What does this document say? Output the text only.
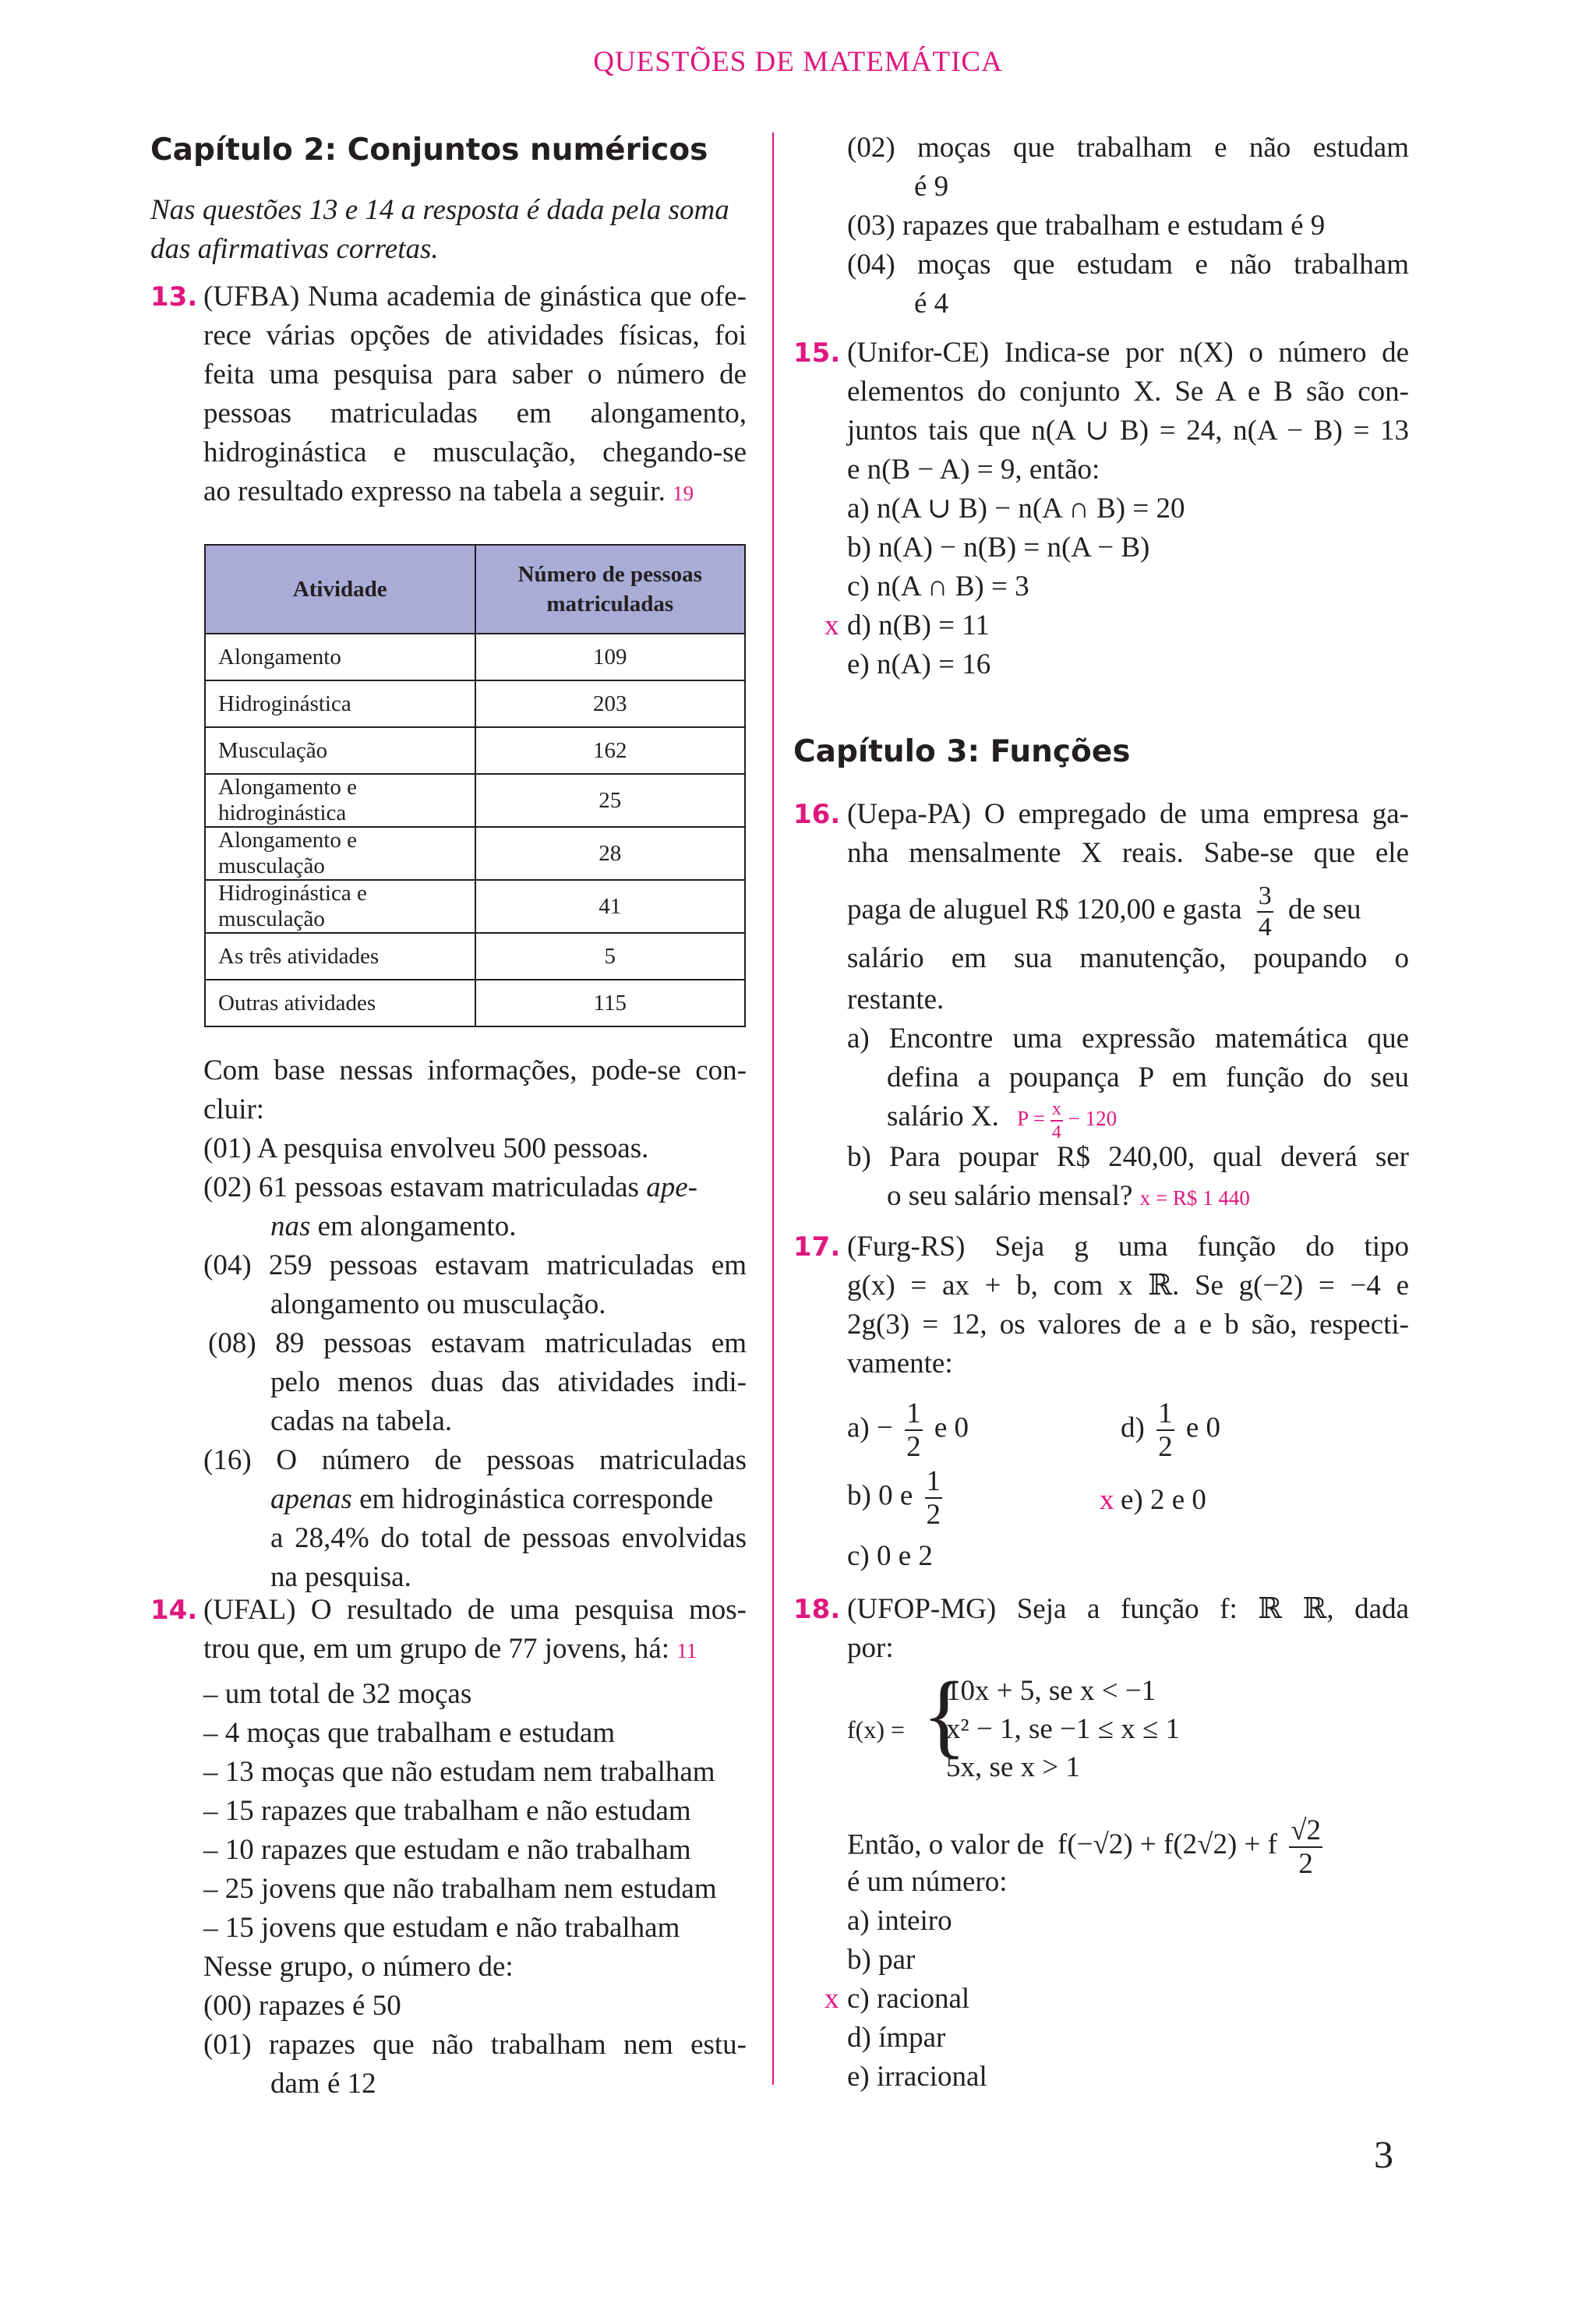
QUESTÕES DE MATEMÁTICA
Capítulo 2: Conjuntos numéricos
Nas questões 13 e 14 a resposta é dada pela soma
das afirmativas corretas.
13. (UFBA) Numa academia de ginástica que ofe-
rece várias opções de atividades físicas, foi
feita uma pesquisa para saber o número de
pessoas matriculadas em alongamento,
hidroginástica e musculação, chegando-se
ao resultado expresso na tabela a seguir. 19
Atividade	Número de pessoas matriculadas
Alongamento	109
Hidroginástica	203
Musculação	162
Alongamento e hidroginástica	25
Alongamento e musculação	28
Hidroginástica e musculação	41
As três atividades	5
Outras atividades	115
Com base nessas informações, pode-se con-
cluir:
(01) A pesquisa envolveu 500 pessoas.
(02) 61 pessoas estavam matriculadas ape-
nas em alongamento.
(04) 259 pessoas estavam matriculadas em
alongamento ou musculação.
(08) 89 pessoas estavam matriculadas em
pelo menos duas das atividades indi-
cadas na tabela.
(16) O número de pessoas matriculadas
apenas em hidroginástica corresponde
a 28,4% do total de pessoas envolvidas
na pesquisa.
14. (UFAL) O resultado de uma pesquisa mos-
trou que, em um grupo de 77 jovens, há: 11
– um total de 32 moças
– 4 moças que trabalham e estudam
– 13 moças que não estudam nem trabalham
– 15 rapazes que trabalham e não estudam
– 10 rapazes que estudam e não trabalham
– 25 jovens que não trabalham nem estudam
– 15 jovens que estudam e não trabalham
Nesse grupo, o número de:
(00) rapazes é 50
(01) rapazes que não trabalham nem estu-
dam é 12
(02) moças que trabalham e não estudam
é 9
(03) rapazes que trabalham e estudam é 9
(04) moças que estudam e não trabalham
é 4
15. (Unifor-CE) Indica-se por n(X) o número de
elementos do conjunto X. Se A e B são con-
juntos tais que n(A ∪ B) = 24, n(A − B) = 13
e n(B − A) = 9, então:
a) n(A ∪ B) − n(A ∩ B) = 20
b) n(A) − n(B) = n(A − B)
c) n(A ∩ B) = 3
x d) n(B) = 11
e) n(A) = 16
Capítulo 3: Funções
16. (Uepa-PA) O empregado de uma empresa ga-
nha mensalmente X reais. Sabe-se que ele
paga de aluguel R$ 120,00 e gasta $\frac{3}{4}$ de seu
salário em sua manutenção, poupando o
restante.
a) Encontre uma expressão matemática que
defina a poupança P em função do seu
salário X. $P = \frac{x}{4} - 120$
b) Para poupar R$ 240,00, qual deverá ser
o seu salário mensal? x = R$ 1 440
17. (Furg-RS) Seja g uma função do tipo
g(x) = ax + b, com x ℝ. Se g(−2) = −4 e
2g(3) = 12, os valores de a e b são, respecti-
vamente:
$a) - \frac{1}{2}$ e 0	$d) \frac{1}{2}$ e 0
b) 0 e $\frac{1}{2}$	x e) 2 e 0
c) 0 e 2
18. (UFOP-MG) Seja a função f: ℝ ℝ, dada
por:
f(x) = {
10x + 5, se x < −1
x² − 1, se −1 ≤ x ≤ 1
5x, se x > 1
Então, o valor de f(−√2) + f(2√2) + f $\frac{√2}{2}$
é um número:
a) inteiro
b) par
x c) racional
d) ímpar
e) irracional
3
